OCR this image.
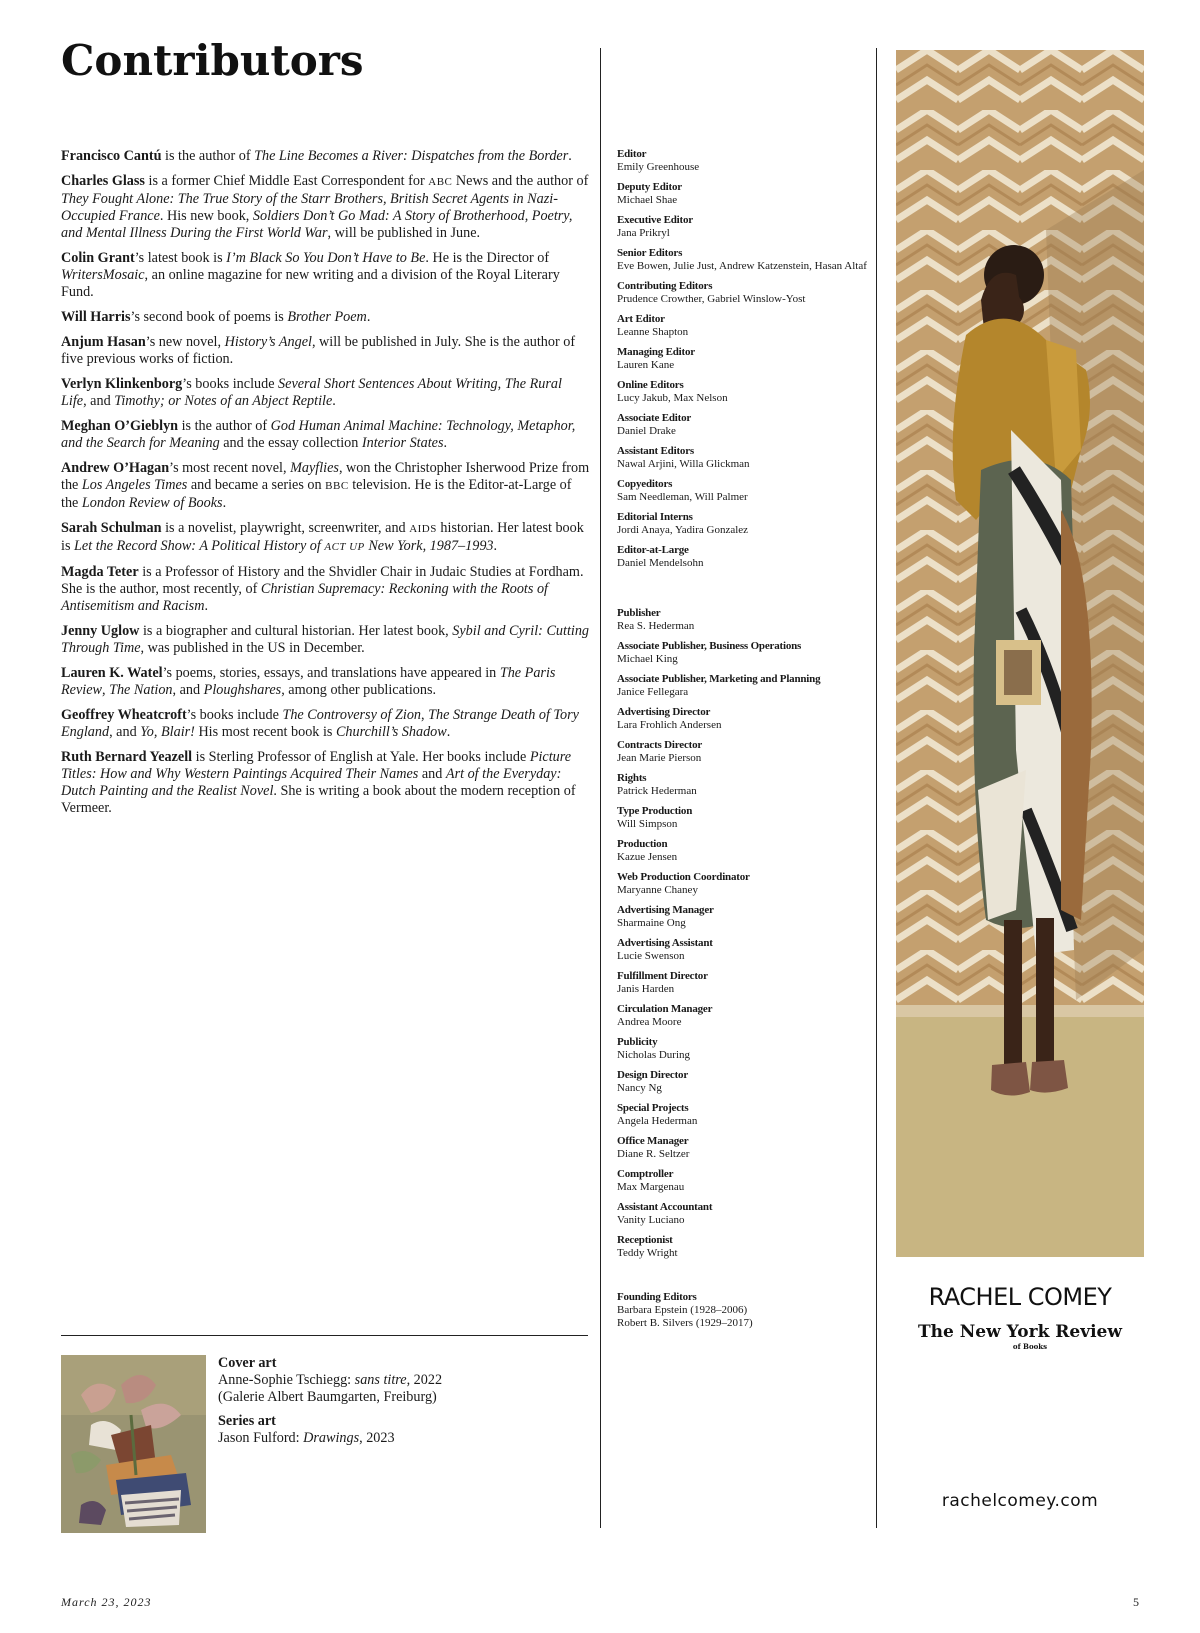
Contributors

Francisco Cantú is the author of The Line Becomes a River: Dispatches from the Border.

Charles Glass is a former Chief Middle East Correspondent for ABC News and the author of They Fought Alone: The True Story of the Starr Brothers, British Secret Agents in Nazi-Occupied France. His new book, Soldiers Don’t Go Mad: A Story of Brotherhood, Poetry, and Mental Illness During the First World War, will be published in June.

Colin Grant’s latest book is I’m Black So You Don’t Have to Be. He is the Director of WritersMosaic, an online magazine for new writing and a division of the Royal Literary Fund.

Will Harris’s second book of poems is Brother Poem.

Anjum Hasan’s new novel, History’s Angel, will be published in July. She is the author of five previous works of fiction.

Verlyn Klinkenborg’s books include Several Short Sentences About Writing, The Rural Life, and Timothy; or Notes of an Abject Reptile.

Meghan O’Gieblyn is the author of God Human Animal Machine: Technology, Metaphor, and the Search for Meaning and the essay collection Interior States.

Andrew O’Hagan’s most recent novel, Mayflies, won the Christopher Isherwood Prize from the Los Angeles Times and became a series on BBC television. He is the Editor-at-Large of the London Review of Books.

Sarah Schulman is a novelist, playwright, screenwriter, and AIDS historian. Her latest book is Let the Record Show: A Political History of ACT UP New York, 1987–1993.

Magda Teter is a Professor of History and the Shvidler Chair in Judaic Studies at Fordham. She is the author, most recently, of Christian Supremacy: Reckoning with the Roots of Antisemitism and Racism.

Jenny Uglow is a biographer and cultural historian. Her latest book, Sybil and Cyril: Cutting Through Time, was published in the US in December.

Lauren K. Watel’s poems, stories, essays, and translations have appeared in The Paris Review, The Nation, and Ploughshares, among other publications.

Geoffrey Wheatcroft’s books include The Controversy of Zion, The Strange Death of Tory England, and Yo, Blair! His most recent book is Churchill’s Shadow.

Ruth Bernard Yeazell is Sterling Professor of English at Yale. Her books include Picture Titles: How and Why Western Paintings Acquired Their Names and Art of the Everyday: Dutch Painting and the Realist Novel. She is writing a book about the modern reception of Vermeer.

Cover art
Anne-Sophie Tschiegg: sans titre, 2022
(Galerie Albert Baumgarten, Freiburg)
Series art
Jason Fulford: Drawings, 2023
Editor
Emily Greenhouse
Deputy Editor
Michael Shae
Executive Editor
Jana Prikryl
Senior Editors
Eve Bowen, Julie Just, Andrew Katzenstein, Hasan Altaf
Contributing Editors
Prudence Crowther, Gabriel Winslow-Yost
Art Editor
Leanne Shapton
Managing Editor
Lauren Kane
Online Editors
Lucy Jakub, Max Nelson
Associate Editor
Daniel Drake
Assistant Editors
Nawal Arjini, Willa Glickman
Copyeditors
Sam Needleman, Will Palmer
Editorial Interns
Jordi Anaya, Yadira Gonzalez
Editor-at-Large
Daniel Mendelsohn
Publisher
Rea S. Hederman
Associate Publisher, Business Operations
Michael King
Associate Publisher, Marketing and Planning
Janice Fellegara
Advertising Director
Lara Frohlich Andersen
Contracts Director
Jean Marie Pierson
Rights
Patrick Hederman
Type Production
Will Simpson
Production
Kazue Jensen
Web Production Coordinator
Maryanne Chaney
Advertising Manager
Sharmaine Ong
Advertising Assistant
Lucie Swenson
Fulfillment Director
Janis Harden
Circulation Manager
Andrea Moore
Publicity
Nicholas During
Design Director
Nancy Ng
Special Projects
Angela Hederman
Office Manager
Diane R. Seltzer
Comptroller
Max Margenau
Assistant Accountant
Vanity Luciano
Receptionist
Teddy Wright
Founding Editors
Barbara Epstein (1928–2006)
Robert B. Silvers (1929–2017)
RACHEL COMEY
The New York Review
of Books
rachelcomey.com
March 23, 2023	5
